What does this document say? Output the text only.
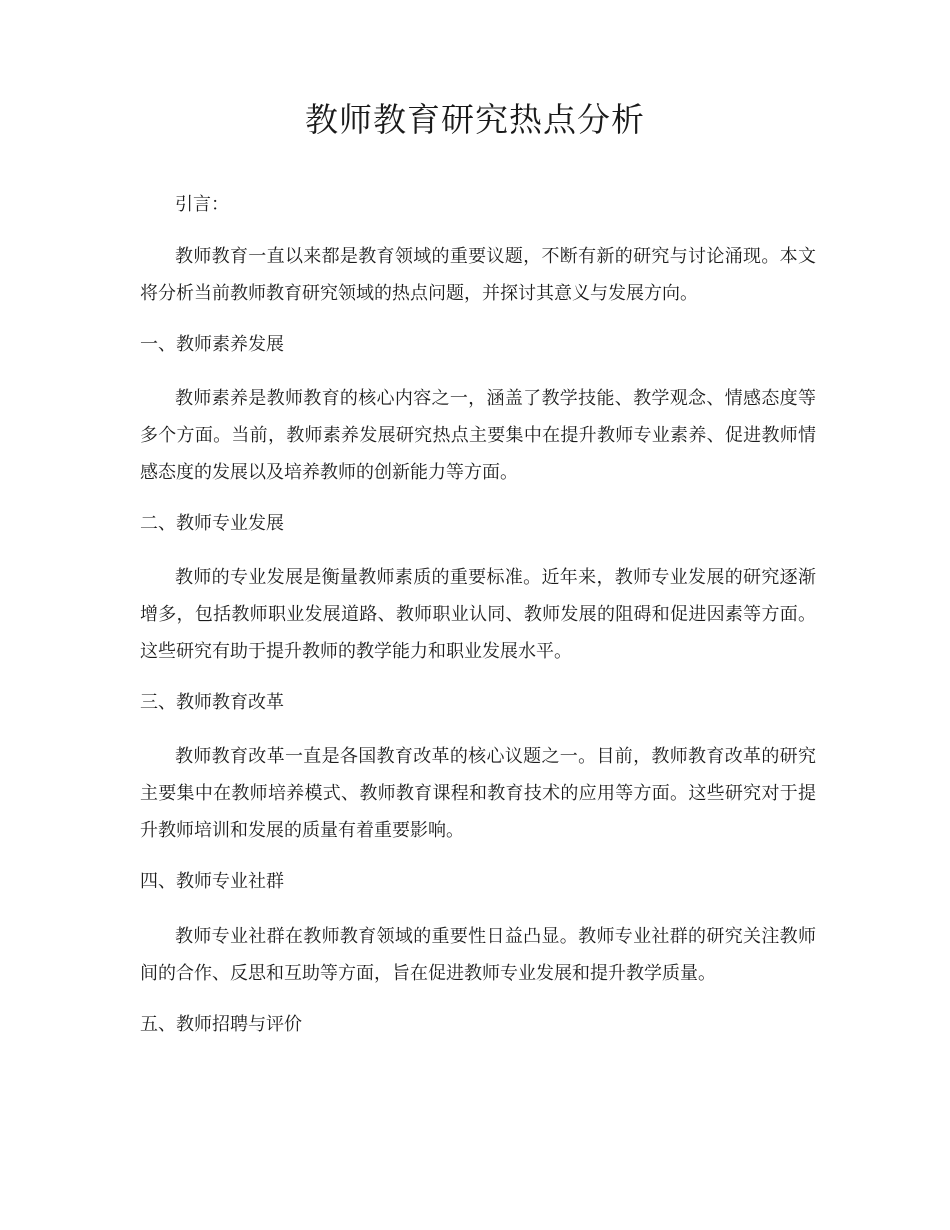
教师教育研究热点分析

引言：

教师教育一直以来都是教育领域的重要议题，不断有新的研究与讨论涌现。本文将分析当前教师教育研究领域的热点问题，并探讨其意义与发展方向。

一、教师素养发展

教师素养是教师教育的核心内容之一，涵盖了教学技能、教学观念、情感态度等多个方面。当前，教师素养发展研究热点主要集中在提升教师专业素养、促进教师情感态度的发展以及培养教师的创新能力等方面。

二、教师专业发展

教师的专业发展是衡量教师素质的重要标准。近年来，教师专业发展的研究逐渐增多，包括教师职业发展道路、教师职业认同、教师发展的阻碍和促进因素等方面。这些研究有助于提升教师的教学能力和职业发展水平。

三、教师教育改革

教师教育改革一直是各国教育改革的核心议题之一。目前，教师教育改革的研究主要集中在教师培养模式、教师教育课程和教育技术的应用等方面。这些研究对于提升教师培训和发展的质量有着重要影响。

四、教师专业社群

教师专业社群在教师教育领域的重要性日益凸显。教师专业社群的研究关注教师间的合作、反思和互助等方面，旨在促进教师专业发展和提升教学质量。

五、教师招聘与评价
